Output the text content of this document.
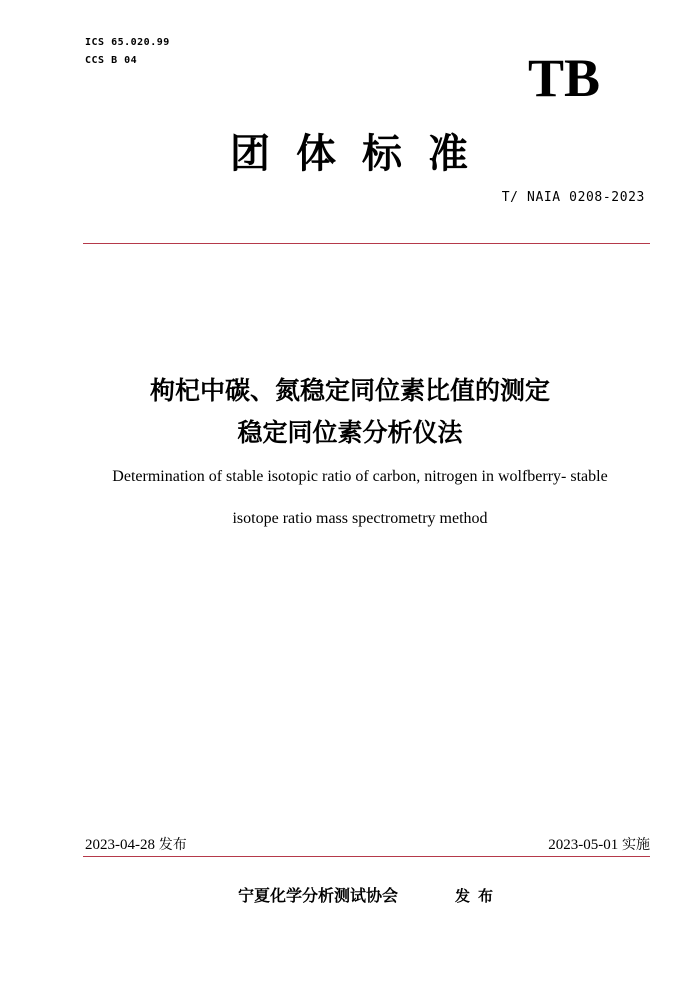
ICS 65.020.99
CCS B 04	TB
团体标准
T/ NAIA 0208-2023
枸杞中碳、氮稳定同位素比值的测定
稳定同位素分析仪法
Determination of stable isotopic ratio of carbon, nitrogen in wolfberry- stable
isotope ratio mass spectrometry method
2023-04-28 发布	2023-05-01 实施
宁夏化学分析测试协会	发布
